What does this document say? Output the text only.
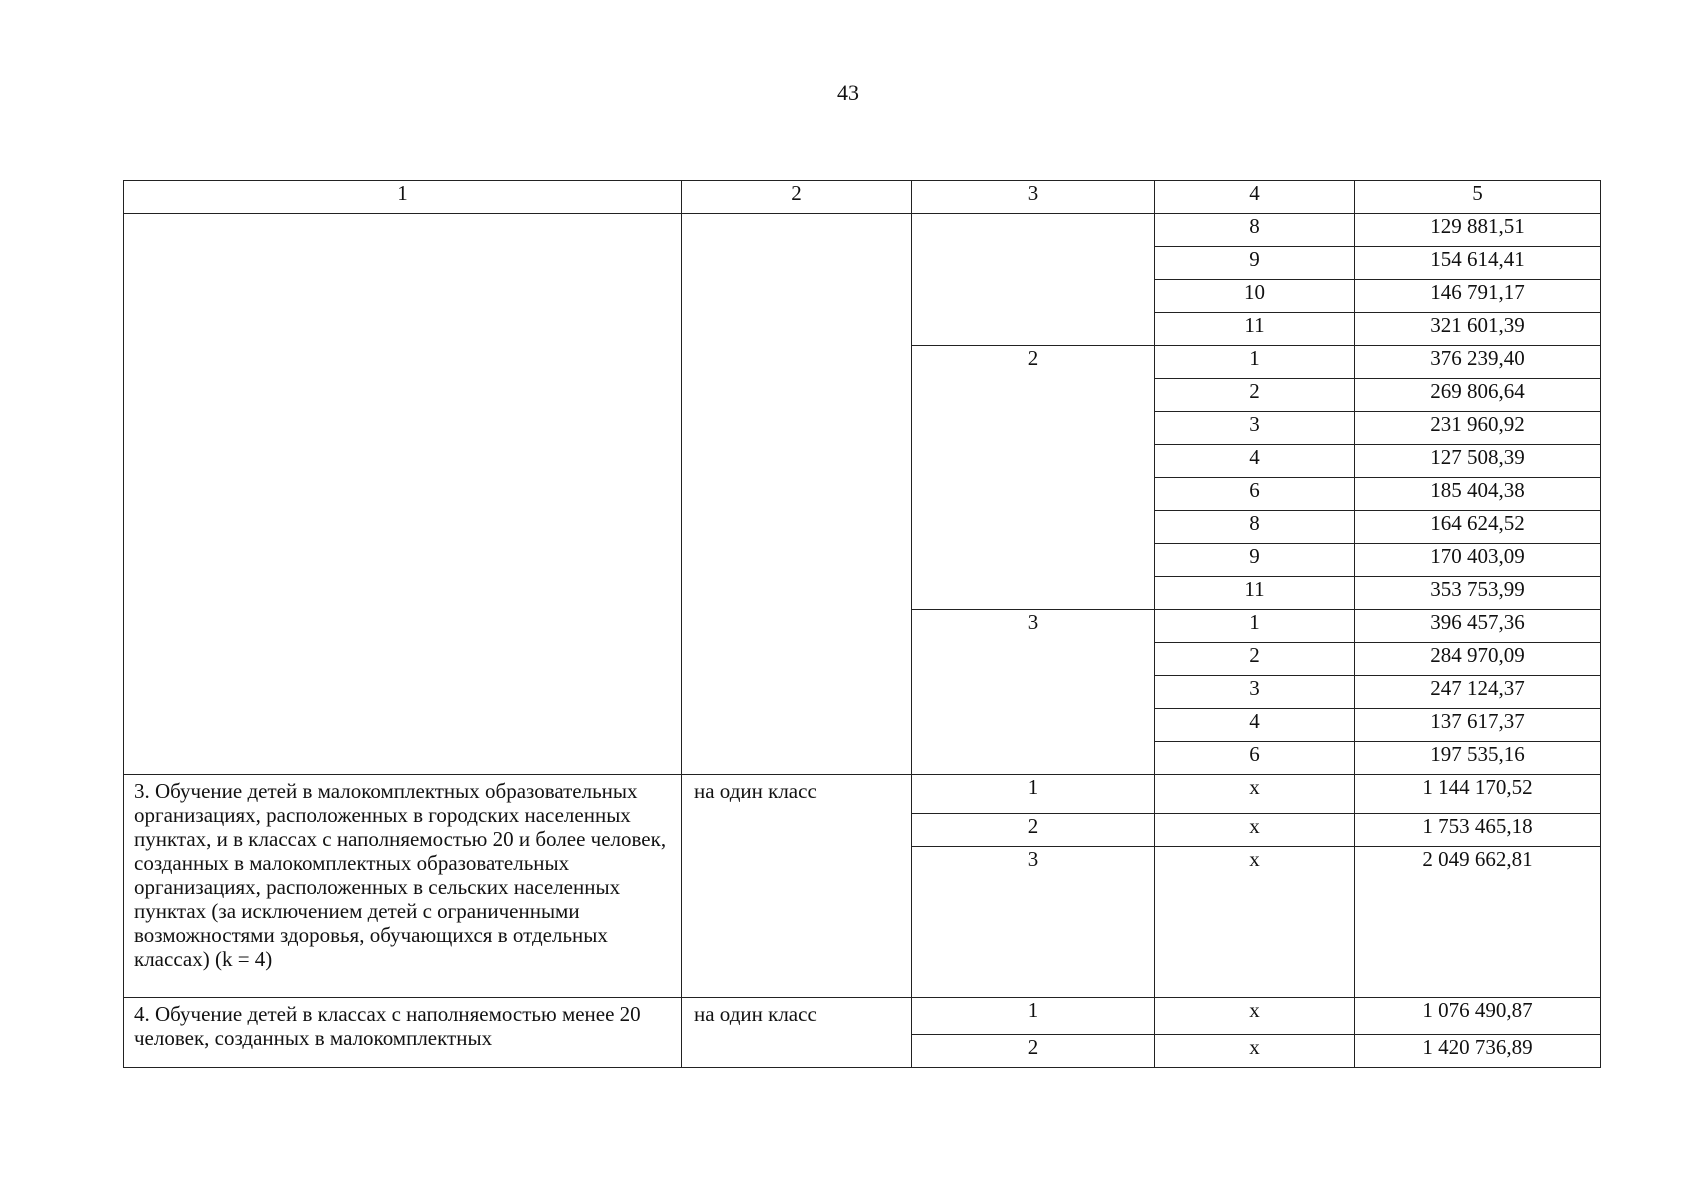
43
1	2	3	4	5
			8	129 881,51
			9	154 614,41
			10	146 791,17
			11	321 601,39
		2	1	376 239,40
			2	269 806,64
			3	231 960,92
			4	127 508,39
			6	185 404,38
			8	164 624,52
			9	170 403,09
			11	353 753,99
		3	1	396 457,36
			2	284 970,09
			3	247 124,37
			4	137 617,37
			6	197 535,16
3. Обучение детей в малокомплектных образовательных организациях, расположенных в городских населенных пунктах, и в классах с наполняемостью 20 и более человек, созданных в малокомплектных образовательных организациях, расположенных в сельских населенных пунктах (за исключением детей с ограниченными возможностями здоровья, обучающихся в отдельных классах) (k = 4)	на один класс	1	х	1 144 170,52
		2	х	1 753 465,18
		3	х	2 049 662,81
4. Обучение детей в классах с наполняемостью менее 20 человек, созданных в малокомплектных	на один класс	1	х	1 076 490,87
		2	х	1 420 736,89
